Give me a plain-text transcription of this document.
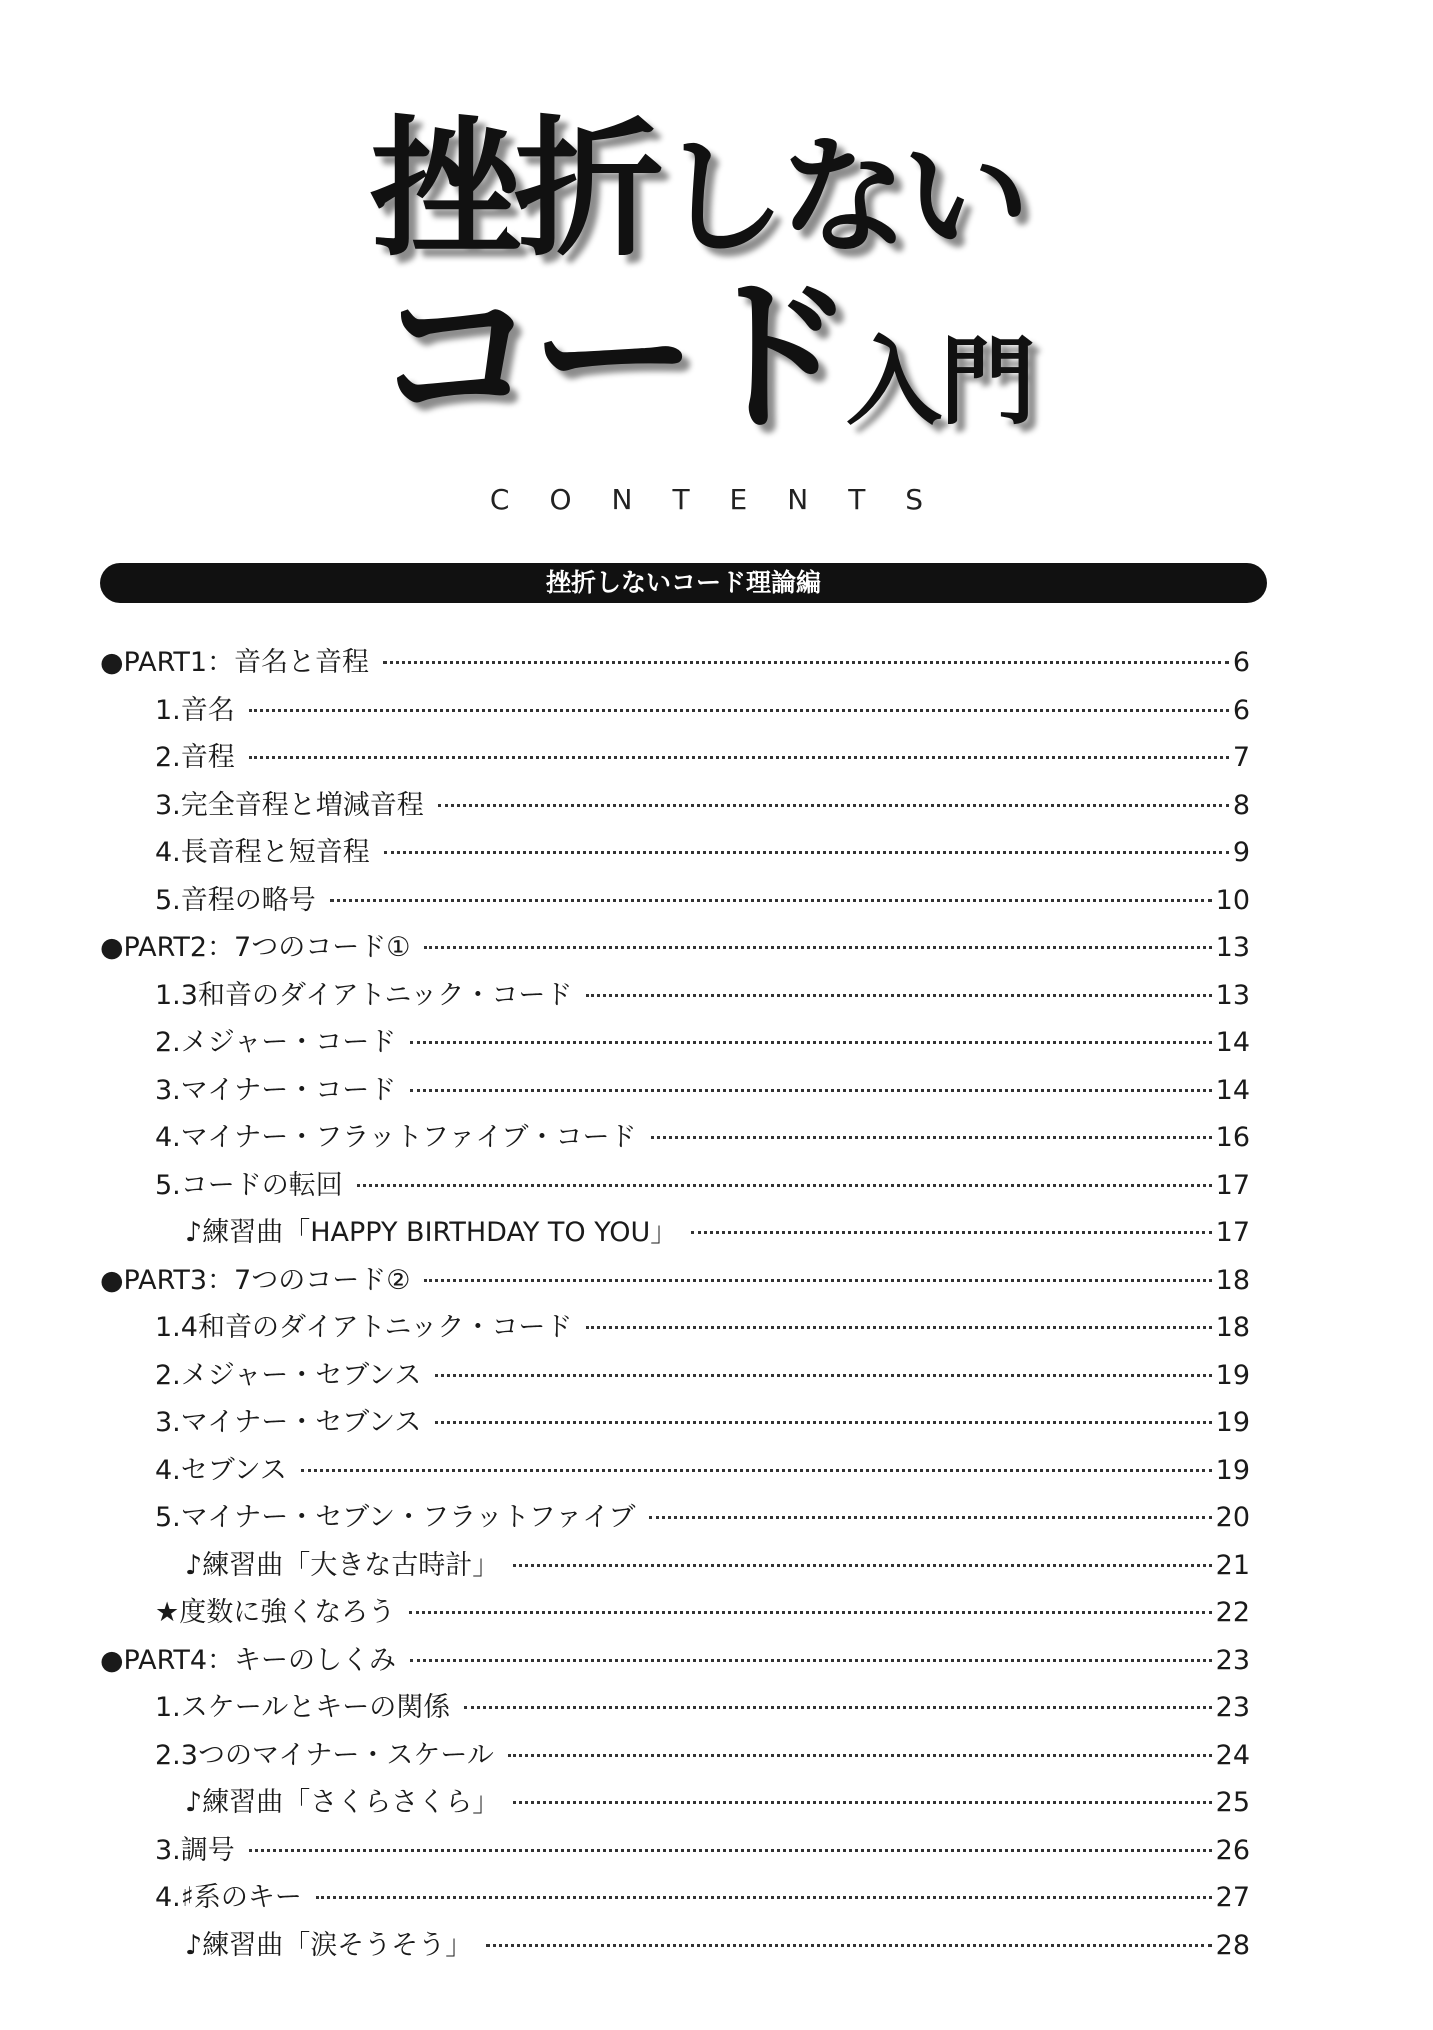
挫折しない
コード入門
CONTENTS
挫折しないコード理論編
●PART1：音名と音程	6
1.音名	6
2.音程	7
3.完全音程と増減音程	8
4.長音程と短音程	9
5.音程の略号	10
●PART2：7つのコード①	13
1.3和音のダイアトニック・コード	13
2.メジャー・コード	14
3.マイナー・コード	14
4.マイナー・フラットファイブ・コード	16
5.コードの転回	17
♪練習曲「HAPPY BIRTHDAY TO YOU」	17
●PART3：7つのコード②	18
1.4和音のダイアトニック・コード	18
2.メジャー・セブンス	19
3.マイナー・セブンス	19
4.セブンス	19
5.マイナー・セブン・フラットファイブ	20
♪練習曲「大きな古時計」	21
★度数に強くなろう	22
●PART4：キーのしくみ	23
1.スケールとキーの関係	23
2.3つのマイナー・スケール	24
♪練習曲「さくらさくら」	25
3.調号	26
4.♯系のキー	27
♪練習曲「涙そうそう」	28
